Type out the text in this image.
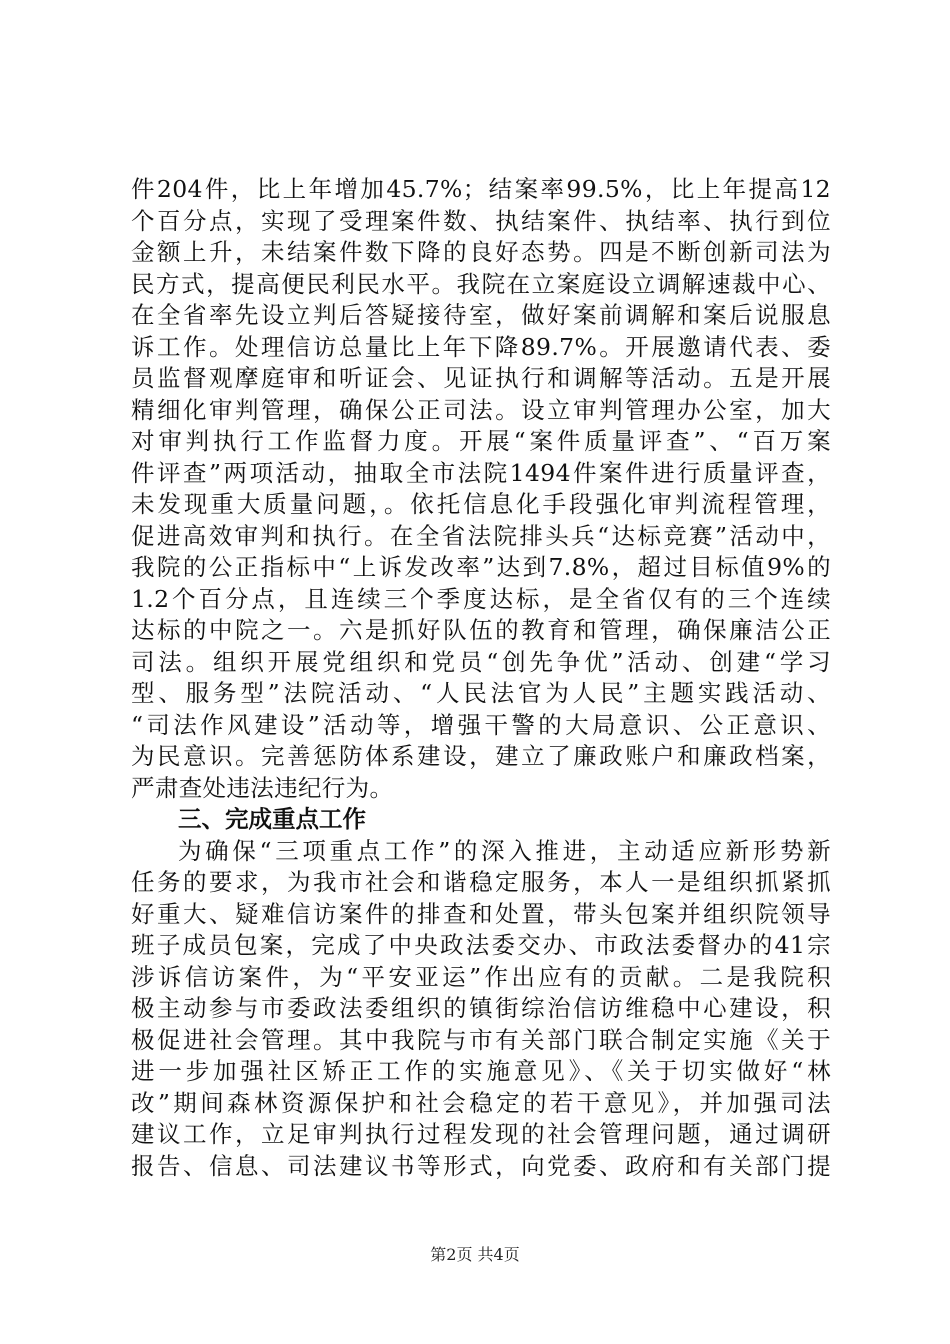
件204件，比上年增加45.7%；结案率99.5%，比上年提高12
个百分点，实现了受理案件数、执结案件、执结率、执行到位
金额上升，未结案件数下降的良好态势。四是不断创新司法为
民方式，提高便民利民水平。我院在立案庭设立调解速裁中心、
在全省率先设立判后答疑接待室，做好案前调解和案后说服息
诉工作。处理信访总量比上年下降89.7%。开展邀请代表、委
员监督观摩庭审和听证会、见证执行和调解等活动。五是开展
精细化审判管理，确保公正司法。设立审判管理办公室，加大
对审判执行工作监督力度。开展“案件质量评查”、“百万案
件评查”两项活动，抽取全市法院1494件案件进行质量评查，
未发现重大质量问题，。依托信息化手段强化审判流程管理，
促进高效审判和执行。在全省法院排头兵“达标竞赛”活动中，
我院的公正指标中“上诉发改率”达到7.8%，超过目标值9%的
1.2个百分点，且连续三个季度达标，是全省仅有的三个连续
达标的中院之一。六是抓好队伍的教育和管理，确保廉洁公正
司法。组织开展党组织和党员“创先争优”活动、创建“学习
型、服务型”法院活动、“人民法官为人民”主题实践活动、
“司法作风建设”活动等，增强干警的大局意识、公正意识、
为民意识。完善惩防体系建设，建立了廉政账户和廉政档案，
严肃查处违法违纪行为。
三、完成重点工作
为确保“三项重点工作”的深入推进，主动适应新形势新
任务的要求，为我市社会和谐稳定服务，本人一是组织抓紧抓
好重大、疑难信访案件的排查和处置，带头包案并组织院领导
班子成员包案，完成了中央政法委交办、市政法委督办的41宗
涉诉信访案件，为“平安亚运”作出应有的贡献。二是我院积
极主动参与市委政法委组织的镇街综治信访维稳中心建设，积
极促进社会管理。其中我院与市有关部门联合制定实施《关于
进一步加强社区矫正工作的实施意见》、《关于切实做好“林
改”期间森林资源保护和社会稳定的若干意见》，并加强司法
建议工作，立足审判执行过程发现的社会管理问题，通过调研
报告、信息、司法建议书等形式，向党委、政府和有关部门提
第2页 共4页
